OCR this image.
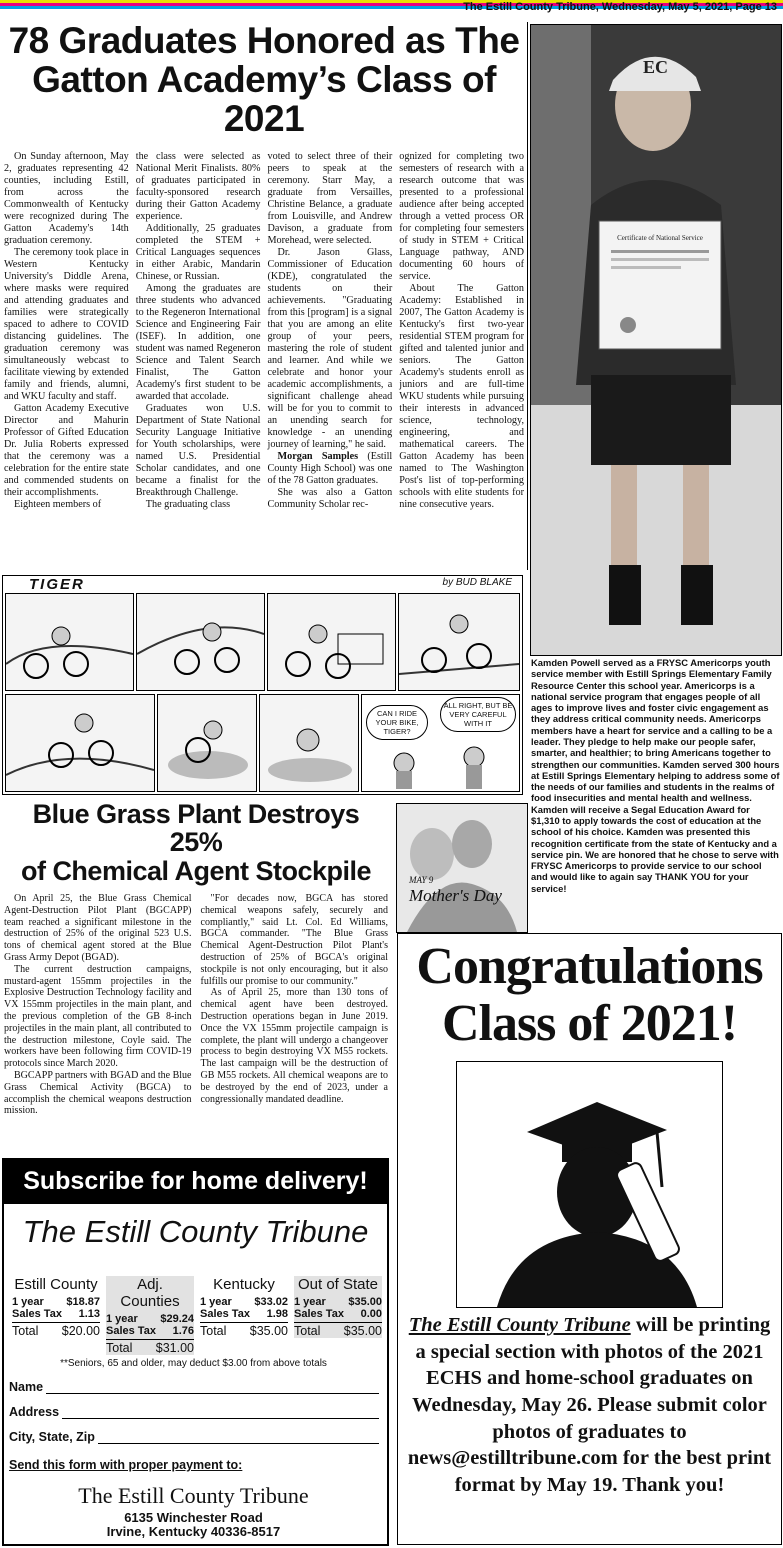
The Estill County Tribune, Wednesday, May 5, 2021, Page 13
78 Graduates Honored as The
Gatton Academy’s Class of 2021

On Sunday afternoon, May 2, graduates representing 42 counties, including Estill, from across the Commonwealth of Kentucky were recognized during The Gatton Academy's 14th graduation ceremony.

The ceremony took place in Western Kentucky University's Diddle Arena, where masks were required and attending graduates and families were strategically spaced to adhere to COVID distancing guidelines. The graduation ceremony was simultaneously webcast to facilitate viewing by extended family and friends, alumni, and WKU faculty and staff.

Gatton Academy Executive Director and Mahurin Professor of Gifted Education Dr. Julia Roberts expressed that the ceremony was a celebration for the entire state and commended students on their accomplishments.

Eighteen members of

the class were selected as National Merit Finalists. 80% of graduates participated in faculty-sponsored research during their Gatton Academy experience.

Additionally, 25 graduates completed the STEM + Critical Languages sequences in either Arabic, Mandarin Chinese, or Russian.

Among the graduates are three students who advanced to the Regeneron International Science and Engineering Fair (ISEF). In addition, one student was named Regeneron Science and Talent Search Finalist, The Gatton Academy's first student to be awarded that accolade.

Graduates won U.S. Department of State National Security Language Initiative for Youth scholarships, were named U.S. Presidential Scholar candidates, and one became a finalist for the Breakthrough Challenge.

The graduating class

voted to select three of their peers to speak at the ceremony. Starr May, a graduate from Versailles, Christine Belance, a graduate from Louisville, and Andrew Davison, a graduate from Morehead, were selected.

Dr. Jason Glass, Commissioner of Education (KDE), congratulated the students on their achievements. "Graduating from this [program] is a signal that you are among an elite group of your peers, mastering the role of student and learner. And while we celebrate and honor your academic accomplishments, a significant challenge ahead will be for you to commit to an unending search for knowledge - an unending journey of learning," he said.

Morgan Samples (Estill County High School) was one of the 78 Gatton graduates.

She was also a Gatton Community Scholar rec-

ognized for completing two semesters of research with a research outcome that was presented to a professional audience after being accepted through a vetted process OR for completing four semesters of study in STEM + Critical Language pathway, AND documenting 60 hours of service.

About The Gatton Academy: Established in 2007, The Gatton Academy is Kentucky's first two-year residential STEM program for gifted and talented junior and seniors. The Gatton Academy's students enroll as juniors and are full-time WKU students while pursuing their interests in advanced science, technology, engineering, and mathematical careers. The Gatton Academy has been named to The Washington Post's list of top-performing schools with elite students for nine consecutive years.

EC
Certificate of National Service
Kamden Powell served as a FRYSC Americorps youth service member with Estill Springs Elementary Family Resource Center this school year. Americorps is a national service program that engages people of all ages to improve lives and foster civic engagement as they address critical community needs. Americorps members have a heart for service and a calling to be a leader. They pledge to help make our people safer, smarter, and healthier; to bring Americans together to strengthen our communities. Kamden served 300 hours at Estill Springs Elementary helping to address some of the needs of our families and students in the realms of food insecurities and mental health and wellness. Kamden will receive a Segal Education Award for $1,310 to apply towards the cost of education at the school of his choice. Kamden was presented this recognition certificate from the state of Kentucky and a service pin. We are honored that he chose to serve with FRYSC Americorps to provide service to our school and would like to again say THANK YOU for your service!
TIGER	by BUD BLAKE
CAN I RIDE YOUR BIKE, TIGER?
ALL RIGHT, BUT BE VERY CAREFUL WITH IT
Blue Grass Plant Destroys 25%
of Chemical Agent Stockpile

On April 25, the Blue Grass Chemical Agent-Destruction Pilot Plant (BGCAPP) team reached a significant milestone in the destruction of 25% of the original 523 U.S. tons of chemical agent stored at the Blue Grass Army Depot (BGAD).

The current destruction campaigns, mustard-agent 155mm projectiles in the Explosive Destruction Technology facility and VX 155mm projectiles in the main plant, and the previous completion of the GB 8-inch projectiles in the main plant, all contributed to the destruction milestone, Coyle said. The workers have been following firm COVID-19 protocols since March 2020.

BGCAPP partners with BGAD and the Blue Grass Chemical Activity (BGCA) to accomplish the chemical weapons destruction mission.

"For decades now, BGCA has stored chemical weapons safely, securely and compliantly," said Lt. Col. Ed Williams, BGCA commander. "The Blue Grass Chemical Agent-Destruction Pilot Plant's destruction of 25% of BGCA's original stockpile is not only encouraging, but it also fulfills our promise to our community."

As of April 25, more than 130 tons of chemical agent have been destroyed. Destruction operations began in June 2019. Once the VX 155mm projectile campaign is complete, the plant will undergo a changeover process to begin destroying VX M55 rockets. The last campaign will be the destruction of GB M55 rockets. All chemical weapons are to be destroyed by the end of 2023, under a congressionally mandated deadline.

MAY 9
Mother's Day
Subscribe for home delivery!
The Estill County Tribune
Estill County
1 year $18.87
Sales Tax 1.13
Total $20.00
Adj. Counties
1 year $29.24
Sales Tax 1.76
Total $31.00
Kentucky
1 year $33.02
Sales Tax 1.98
Total $35.00
Out of State
1 year $35.00
Sales Tax 0.00
Total $35.00
**Seniors, 65 and older, may deduct $3.00 from above totals
Name
Address
City, State, Zip
Send this form with proper payment to:
The Estill County Tribune
6135 Winchester Road
Irvine, Kentucky 40336-8517
Congratulations
Class of 2021!
The Estill County Tribune will be printing a special section with photos of the 2021 ECHS and home-school graduates on Wednesday, May 26. Please submit color photos of graduates to news@estilltribune.com for the best print format by May 19. Thank you!
